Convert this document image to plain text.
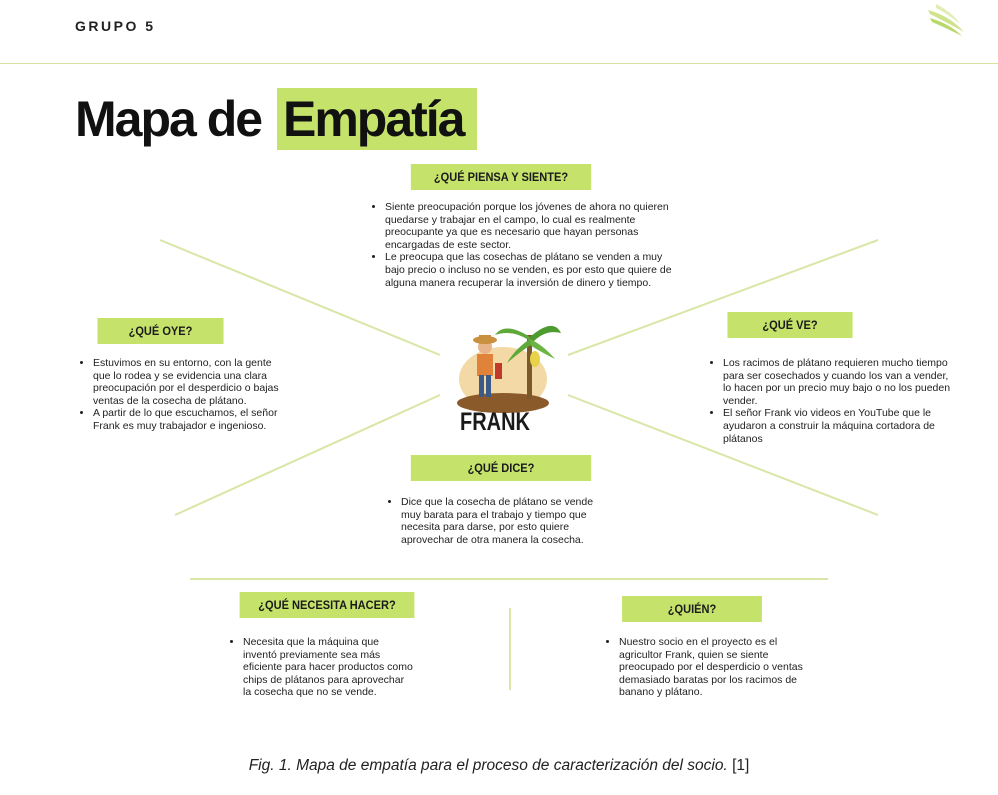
GRUPO 5
Mapa de Empatía
FRANK
¿QUÉ PIENSA Y SIENTE?
• Siente preocupación porque los jóvenes de ahora no quieren quedarse y trabajar en el campo, lo cual es realmente preocupante ya que es necesario que hayan personas encargadas de este sector.
• Le preocupa que las cosechas de plátano se venden a muy bajo precio o incluso no se venden, es por esto que quiere de alguna manera recuperar la inversión de dinero y tiempo.
¿QUÉ OYE?
• Estuvimos en su entorno, con la gente que lo rodea y se evidencia una clara preocupación por el desperdicio o bajas ventas de la cosecha de plátano.
• A partir de lo que escuchamos, el señor Frank es muy trabajador e ingenioso.
¿QUÉ VE?
• Los racimos de plátano requieren mucho tiempo para ser cosechados y cuando los van a vender, lo hacen por un precio muy bajo o no los pueden vender.
• El señor Frank vio videos en YouTube que le ayudaron a construir la máquina cortadora de plátanos
¿QUÉ DICE?
• Dice que la cosecha de plátano se vende muy barata para el trabajo y tiempo que necesita para darse, por esto quiere aprovechar de otra manera la cosecha.
¿QUÉ NECESITA HACER?
• Necesita que la máquina que inventó previamente sea más eficiente para hacer productos como chips de plátanos para aprovechar la cosecha que no se vende.
¿QUIÉN?
• Nuestro socio en el proyecto es el agricultor Frank, quien se siente preocupado por el desperdicio o ventas demasiado baratas por los racimos de banano y plátano.
Fig. 1. Mapa de empatía para el proceso de caracterización del socio. [1]
